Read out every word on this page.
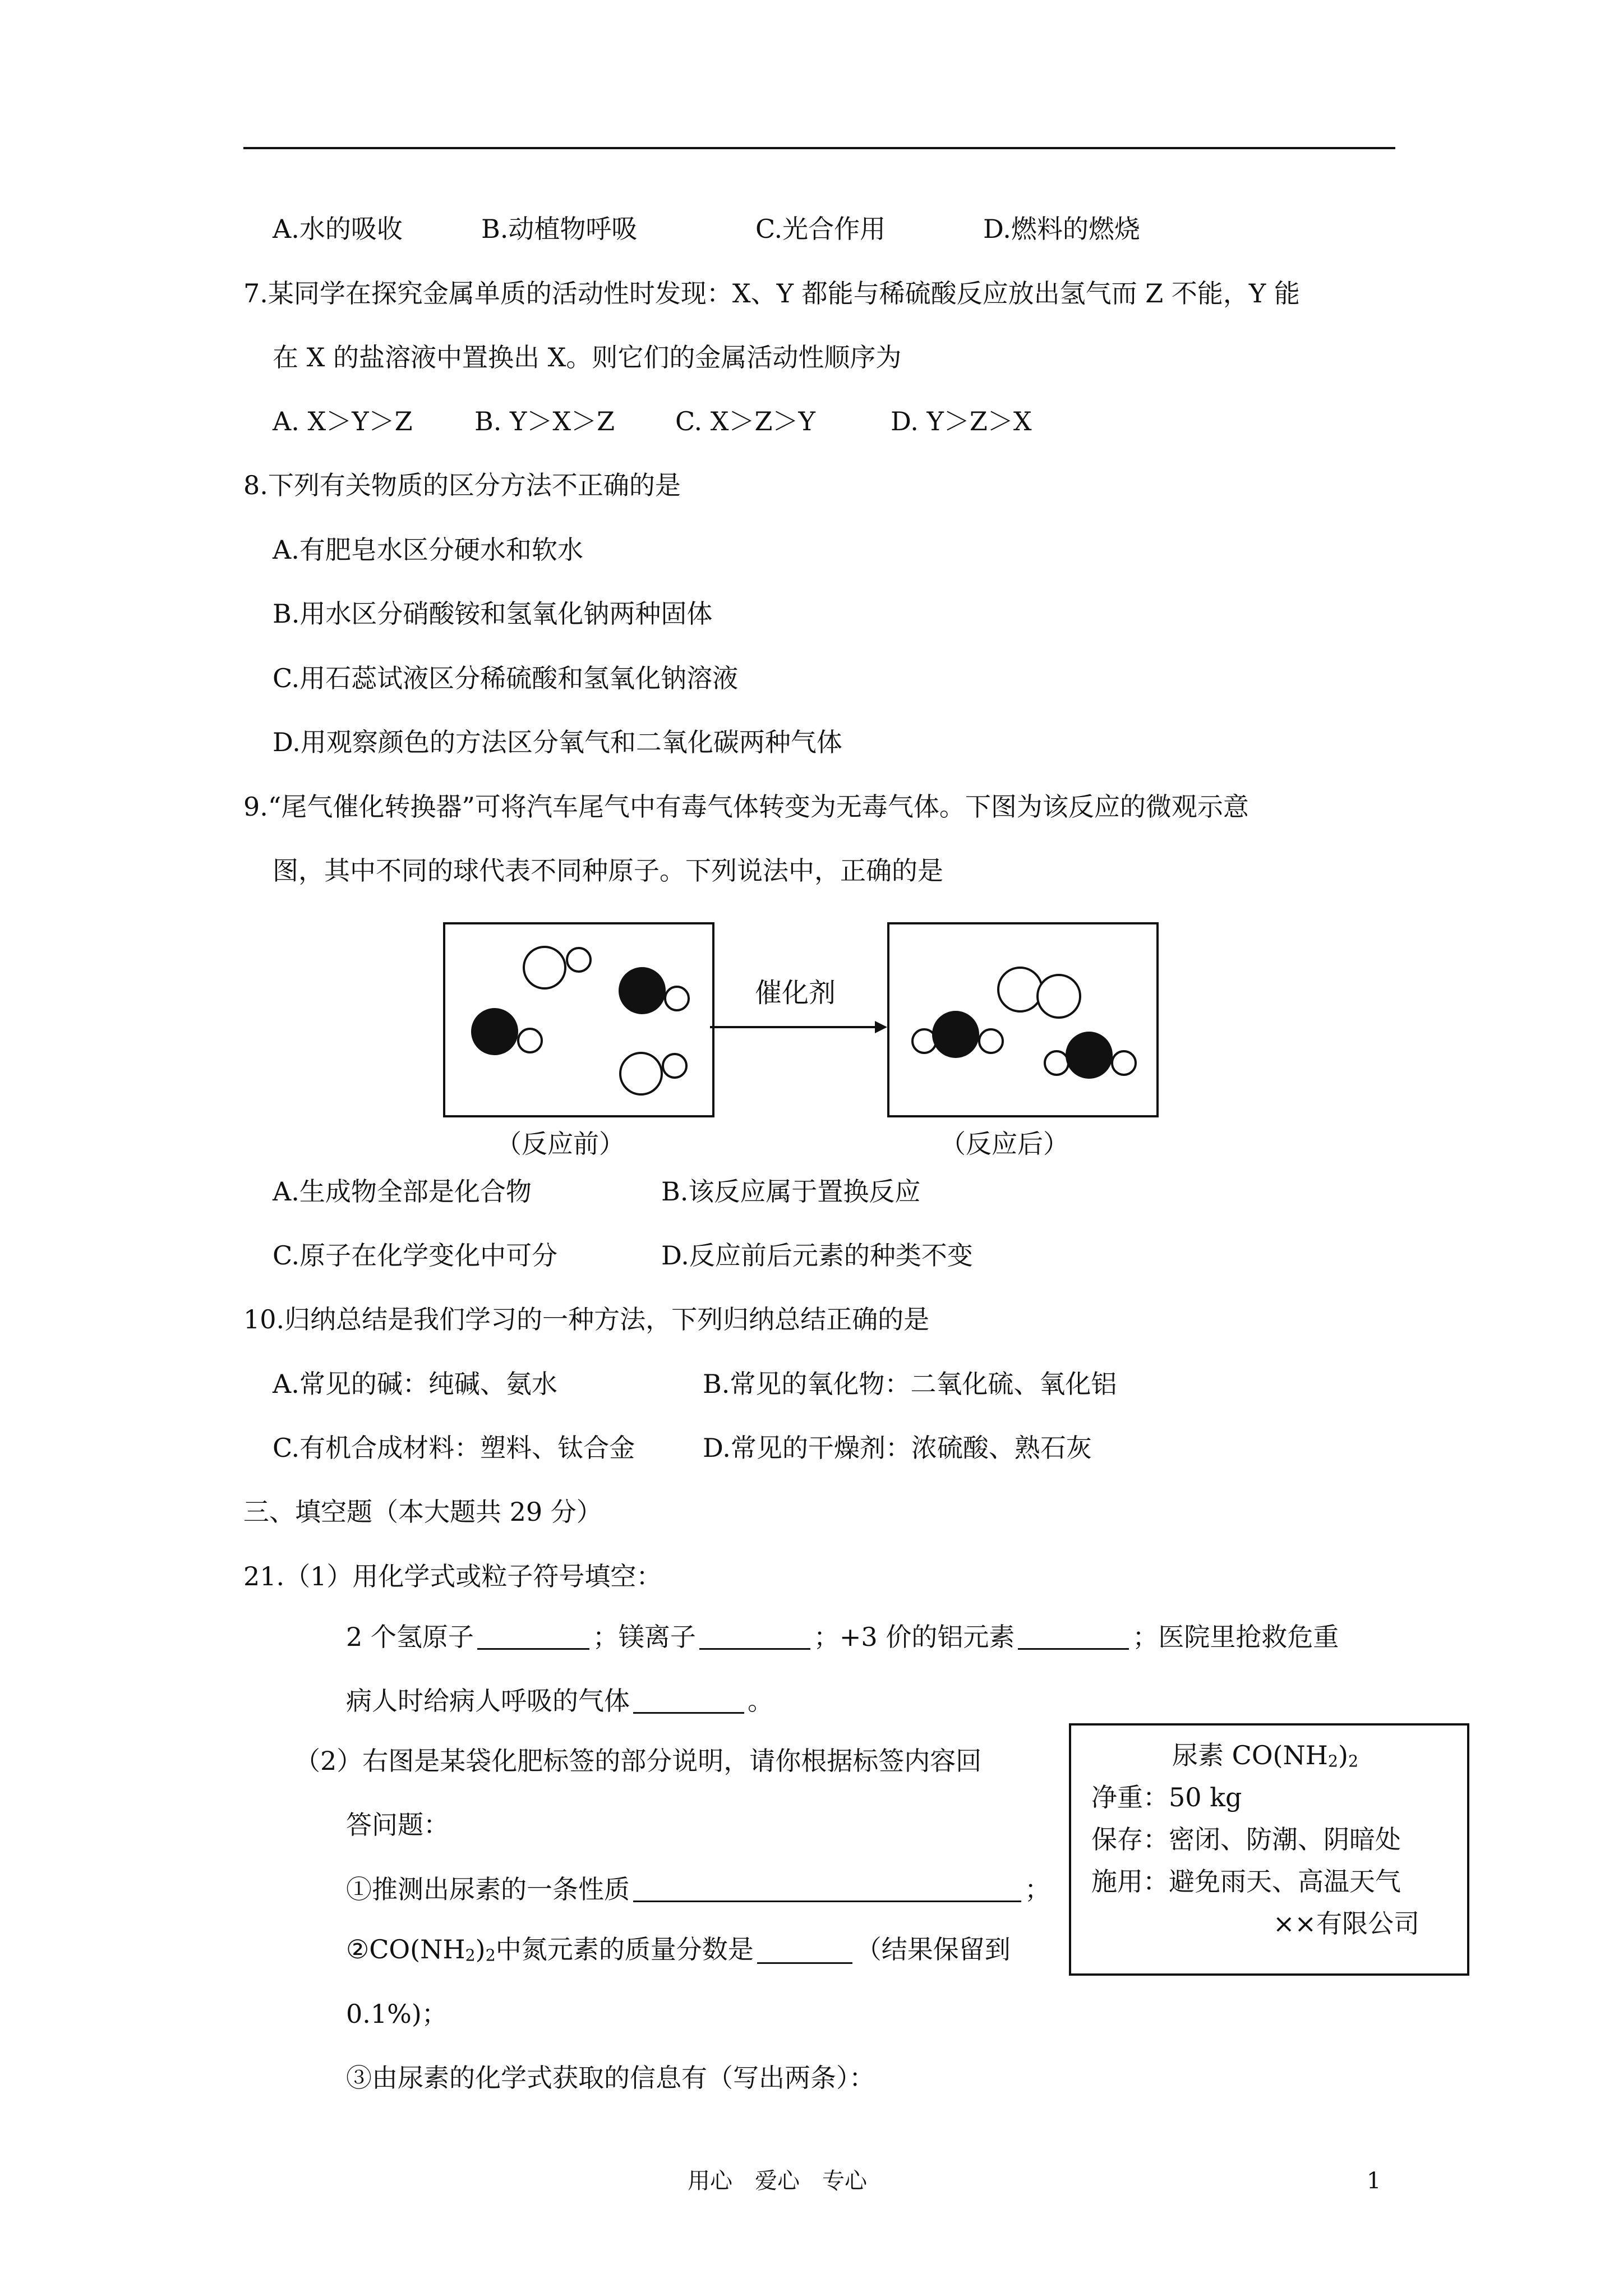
A.水的吸收	B.动植物呼吸	C.光合作用	D.燃料的燃烧
7.某同学在探究金属单质的活动性时发现：X、Y 都能与稀硫酸反应放出氢气而 Z 不能，Y 能
在 X 的盐溶液中置换出 X。则它们的金属活动性顺序为
A. X＞Y＞Z B. Y＞X＞Z C. X＞Z＞Y	D. Y＞Z＞X
8.下列有关物质的区分方法不正确的是
A.有肥皂水区分硬水和软水
B.用水区分硝酸铵和氢氧化钠两种固体
C.用石蕊试液区分稀硫酸和氢氧化钠溶液
D.用观察颜色的方法区分氧气和二氧化碳两种气体
9.“尾气催化转换器”可将汽车尾气中有毒气体转变为无毒气体。下图为该反应的微观示意
图，其中不同的球代表不同种原子。下列说法中，正确的是
催化剂
（反应前）	（反应后）
A.生成物全部是化合物	B.该反应属于置换反应
C.原子在化学变化中可分	D.反应前后元素的种类不变
10.归纳总结是我们学习的一种方法，下列归纳总结正确的是
A.常见的碱：纯碱、氨水	B.常见的氧化物：二氧化硫、氧化铝
C.有机合成材料：塑料、钛合金	D.常见的干燥剂：浓硫酸、熟石灰
三、填空题（本大题共 29 分）
21.（1）用化学式或粒子符号填空：
2 个氢原子	；镁离子	；+3 价的铝元素	；医院里抢救危重
病人时给病人呼吸的气体	。
（2）右图是某袋化肥标签的部分说明，请你根据标签内容回
答问题：
①推测出尿素的一条性质	；
$②CO(NH_2)_2$中氮元素的质量分数是	（结果保留到
0.1%)；
③由尿素的化学式获取的信息有（写出两条）：
尿素 $CO(NH_2)_2$
净重：50 kg
保存：密闭、防潮、阴暗处
施用：避免雨天、高温天气
××有限公司
用心　爱心　专心	1
